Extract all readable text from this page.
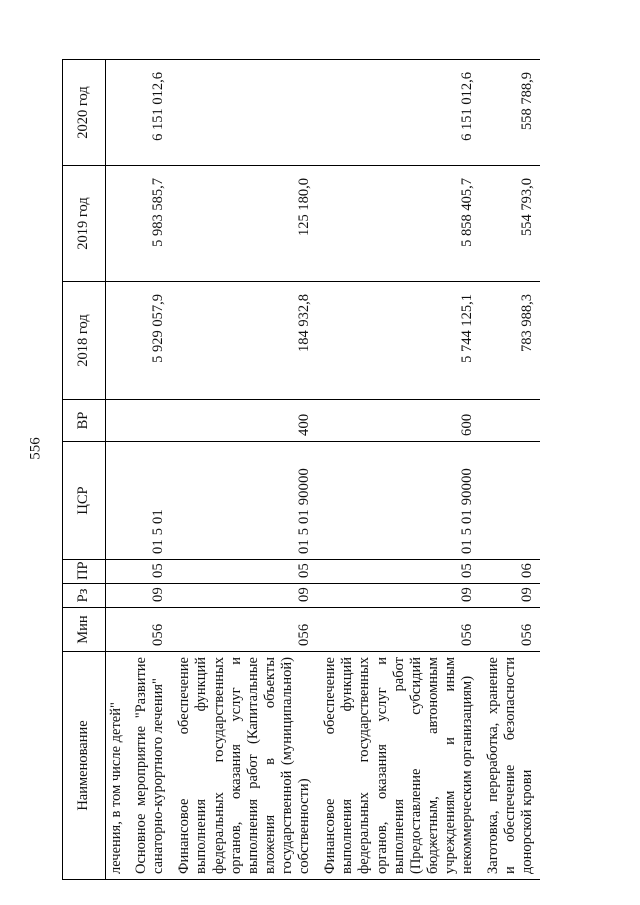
556
Наименование	Мин	Рз	ПР	ЦСР	ВР	2018 год	2019 год	2020 год
лечения, в том числе детей"								
Основное мероприятие "Развитие санаторно-курортного лечения"	056	09	05	01 5 01		5 929 057,9	5 983 585,7	6 151 012,6
Финансовое обеспечение выполнения функций федеральных государственных органов, оказания услуг и выполнения работ (Капитальные вложения в объекты государственной (муниципальной) собственности)	056	09	05	01 5 01 90000	400	184 932,8	125 180,0	
Финансовое обеспечение выполнения функций федеральных государственных органов, оказания услуг и выполнения работ (Предоставление субсидий бюджетным, автономным учреждениям и иным некоммерческим организациям)	056	09	05	01 5 01 90000	600	5 744 125,1	5 858 405,7	6 151 012,6
Заготовка, переработка, хранение и обеспечение безопасности донорской крови	056	09	06			783 988,3	554 793,0	558 788,9
